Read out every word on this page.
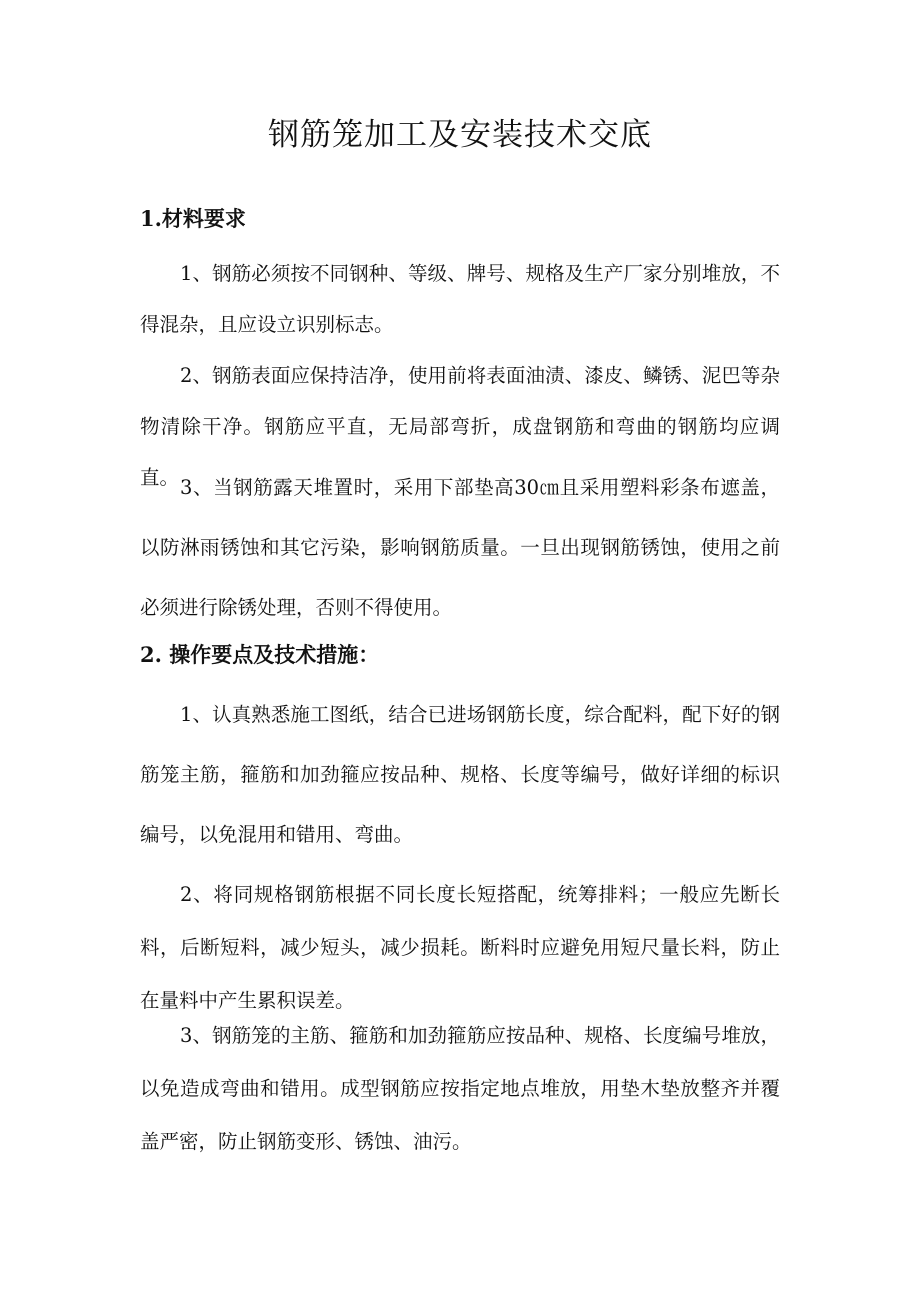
钢筋笼加工及安装技术交底
1.材料要求

1、钢筋必须按不同钢种、等级、牌号、规格及生产厂家分别堆放，不得混杂，且应设立识别标志。

2、钢筋表面应保持洁净，使用前将表面油渍、漆皮、鳞锈、泥巴等杂物清除干净。钢筋应平直，无局部弯折，成盘钢筋和弯曲的钢筋均应调直。 3、当钢筋露天堆置时，采用下部垫高30㎝且采用塑料彩条布遮盖，以防淋雨锈蚀和其它污染，影响钢筋质量。一旦出现钢筋锈蚀，使用之前必须进行除锈处理，否则不得使用。

2. 操作要点及技术措施：

1、认真熟悉施工图纸，结合已进场钢筋长度，综合配料，配下好的钢筋笼主筋，箍筋和加劲箍应按品种、规格、长度等编号，做好详细的标识编号，以免混用和错用、弯曲。

2、将同规格钢筋根据不同长度长短搭配，统筹排料；一般应先断长料，后断短料，减少短头，减少损耗。断料时应避免用短尺量长料，防止在量料中产生累积误差。

3、钢筋笼的主筋、箍筋和加劲箍筋应按品种、规格、长度编号堆放，以免造成弯曲和错用。成型钢筋应按指定地点堆放，用垫木垫放整齐并覆盖严密，防止钢筋变形、锈蚀、油污。
